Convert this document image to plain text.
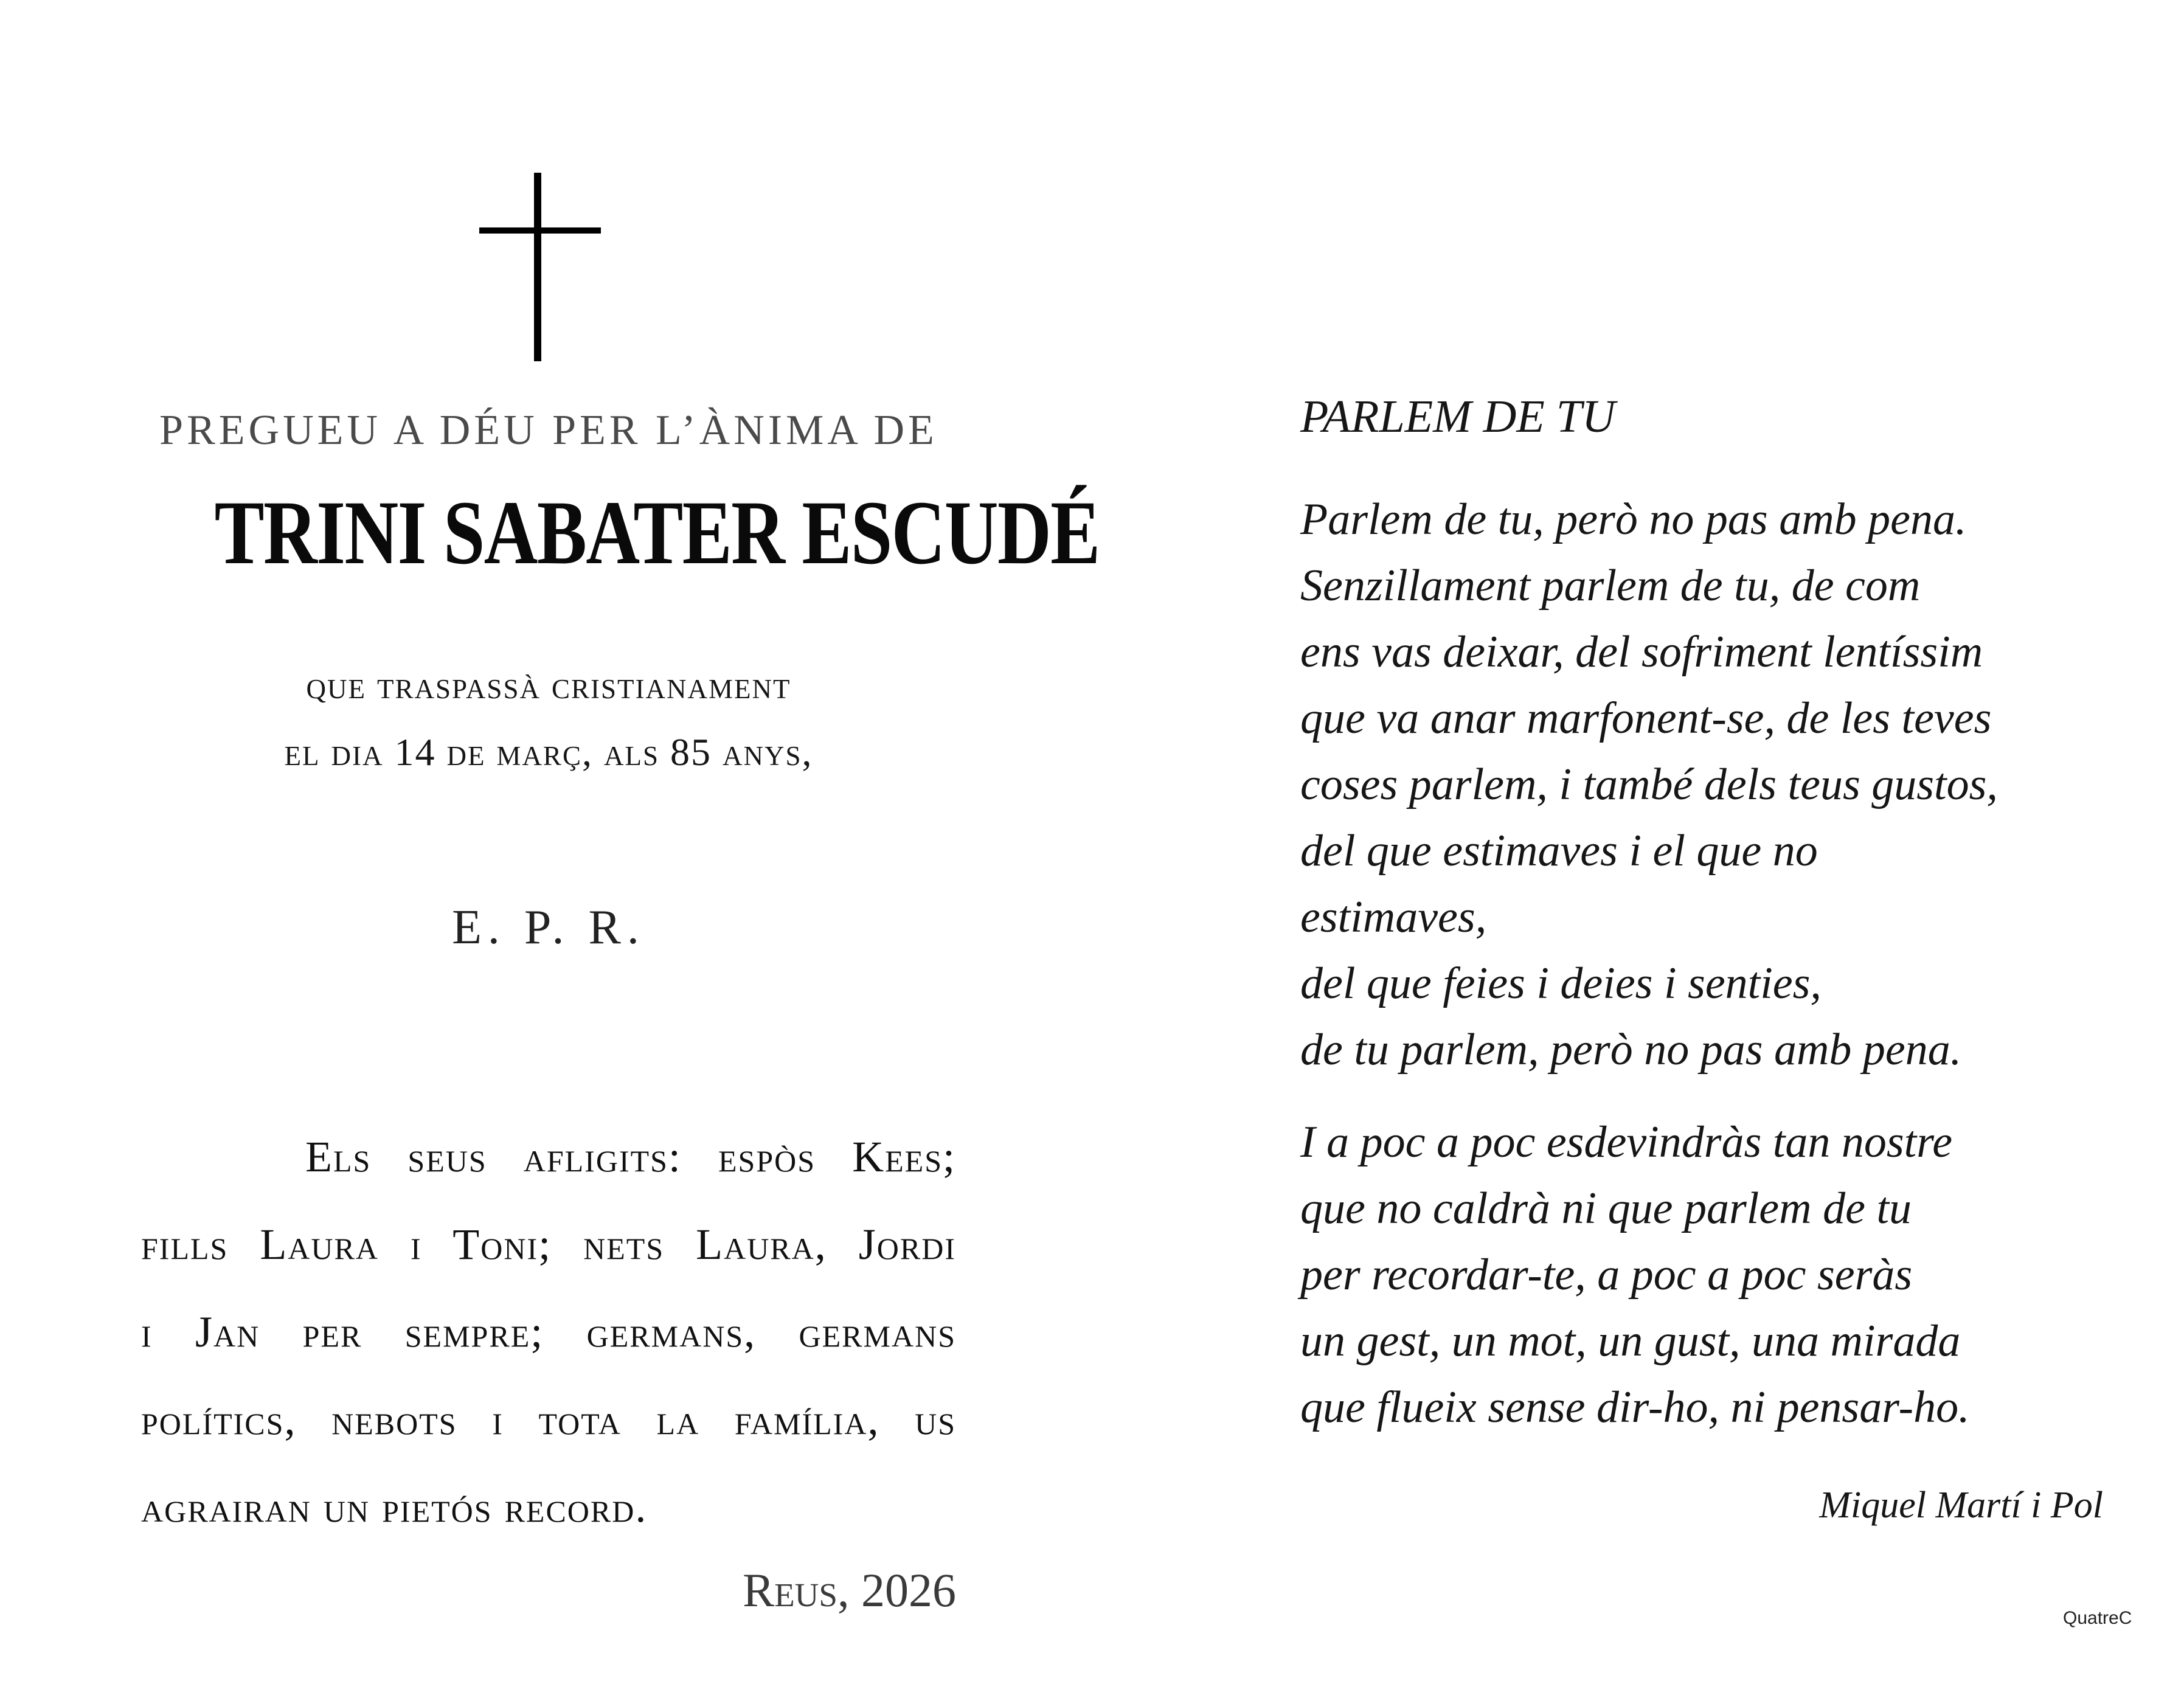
PREGUEU A DÉU PER L’ÀNIMA DE
TRINI SABATER ESCUDÉ
que traspassà cristianament
el dia 14 de març, als 85 anys,
E. P. R.
Els seus afligits: espòs Kees;
fills Laura i Toni; nets Laura, Jordi
i Jan per sempre; germans, germans
polítics, nebots i tota la família, us
agrairan un pietós record.
Reus, 2026
PARLEM DE TU
Parlem de tu, però no pas amb pena.
Senzillament parlem de tu, de com
ens vas deixar, del sofriment lentíssim
que va anar marfonent-se, de les teves
coses parlem, i també dels teus gustos,
del que estimaves i el que no
estimaves,
del que feies i deies i senties,
de tu parlem, però no pas amb pena.
I a poc a poc esdevindràs tan nostre
que no caldrà ni que parlem de tu
per recordar-te, a poc a poc seràs
un gest, un mot, un gust, una mirada
que flueix sense dir-ho, ni pensar-ho.
Miquel Martí i Pol
QuatreC
